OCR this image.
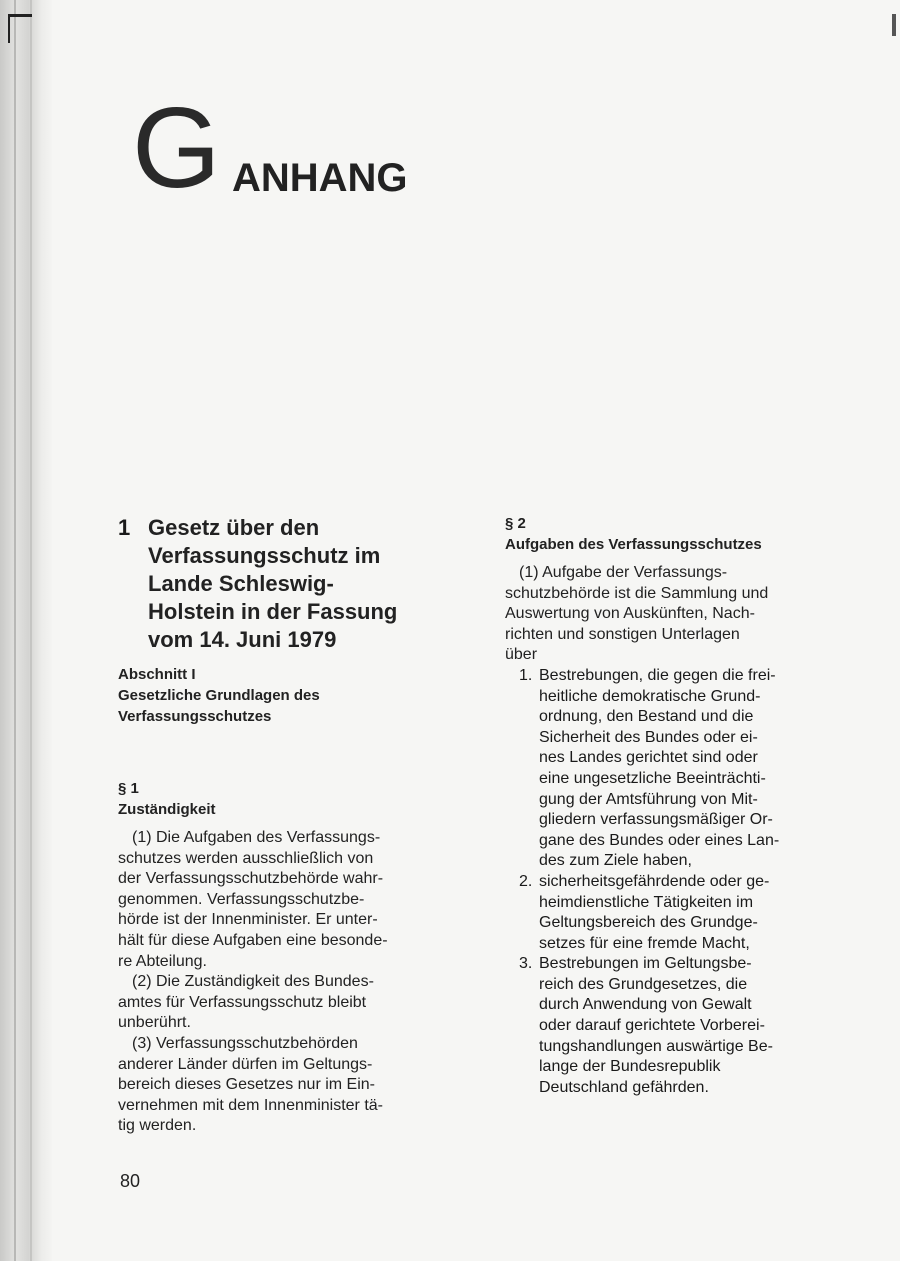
G ANHANG
1 Gesetz über den
Verfassungsschutz im
Lande Schleswig-
Holstein in der Fassung
vom 14. Juni 1979
Abschnitt I
Gesetzliche Grundlagen des
Verfassungsschutzes
§ 1
Zuständigkeit
(1) Die Aufgaben des Verfassungs-
schutzes werden ausschließlich von
der Verfassungsschutzbehörde wahr-
genommen. Verfassungsschutzbe-
hörde ist der Innenminister. Er unter-
hält für diese Aufgaben eine besonde-
re Abteilung.
(2) Die Zuständigkeit des Bundes-
amtes für Verfassungsschutz bleibt
unberührt.
(3) Verfassungsschutzbehörden
anderer Länder dürfen im Geltungs-
bereich dieses Gesetzes nur im Ein-
vernehmen mit dem Innenminister tä-
tig werden.
§ 2
Aufgaben des Verfassungsschutzes
(1) Aufgabe der Verfassungs-
schutzbehörde ist die Sammlung und
Auswertung von Auskünften, Nach-
richten und sonstigen Unterlagen
über
1. Bestrebungen, die gegen die frei-
heitliche demokratische Grund-
ordnung, den Bestand und die
Sicherheit des Bundes oder ei-
nes Landes gerichtet sind oder
eine ungesetzliche Beeinträchti-
gung der Amtsführung von Mit-
gliedern verfassungsmäßiger Or-
gane des Bundes oder eines Lan-
des zum Ziele haben,
2. sicherheitsgefährdende oder ge-
heimdienstliche Tätigkeiten im
Geltungsbereich des Grundge-
setzes für eine fremde Macht,
3. Bestrebungen im Geltungsbe-
reich des Grundgesetzes, die
durch Anwendung von Gewalt
oder darauf gerichtete Vorberei-
tungshandlungen auswärtige Be-
lange der Bundesrepublik
Deutschland gefährden.
80
